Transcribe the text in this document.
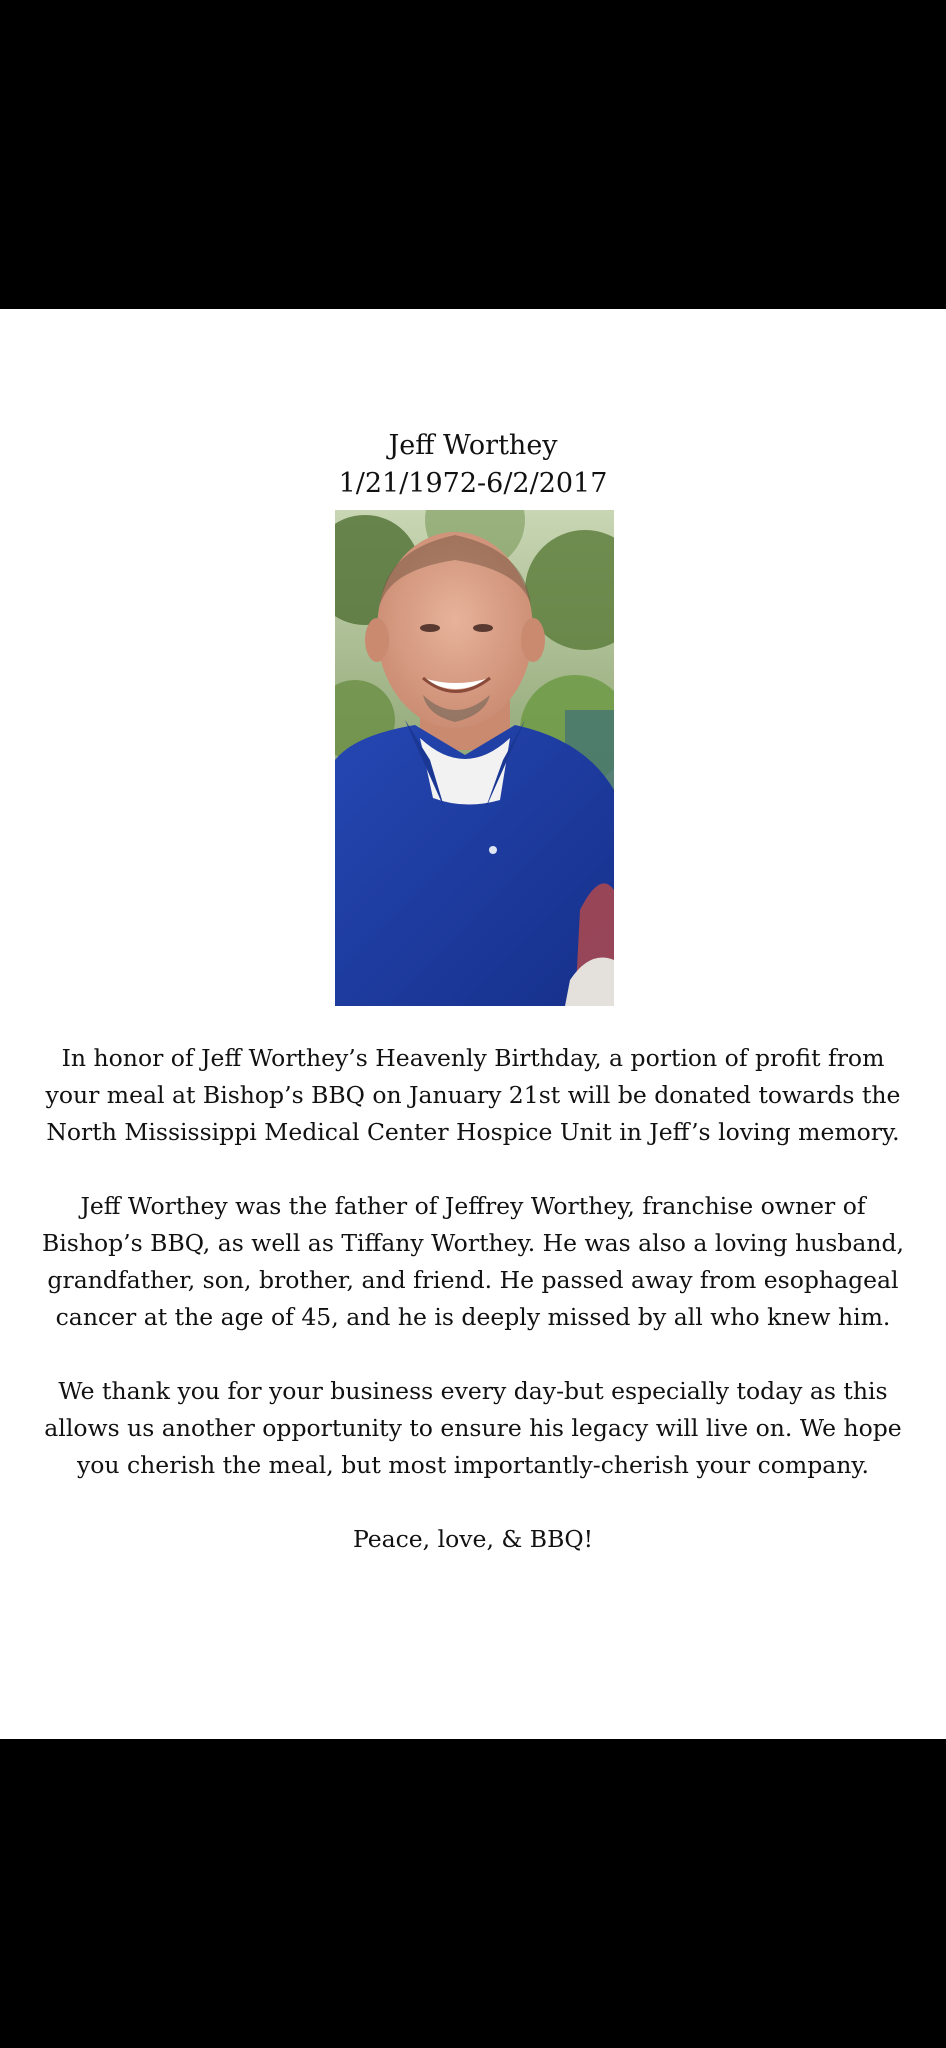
Jeff Worthey
1/21/1972-6/2/2017

In honor of Jeff Worthey’s Heavenly Birthday, a portion of profit from your meal at Bishop’s BBQ on January 21st will be donated towards the North Mississippi Medical Center Hospice Unit in Jeff’s loving memory.

Jeff Worthey was the father of Jeffrey Worthey, franchise owner of Bishop’s BBQ, as well as Tiffany Worthey. He was also a loving husband, grandfather, son, brother, and friend. He passed away from esophageal cancer at the age of 45, and he is deeply missed by all who knew him.

We thank you for your business every day-but especially today as this allows us another opportunity to ensure his legacy will live on. We hope you cherish the meal, but most importantly-cherish your company.

Peace, love, & BBQ!
